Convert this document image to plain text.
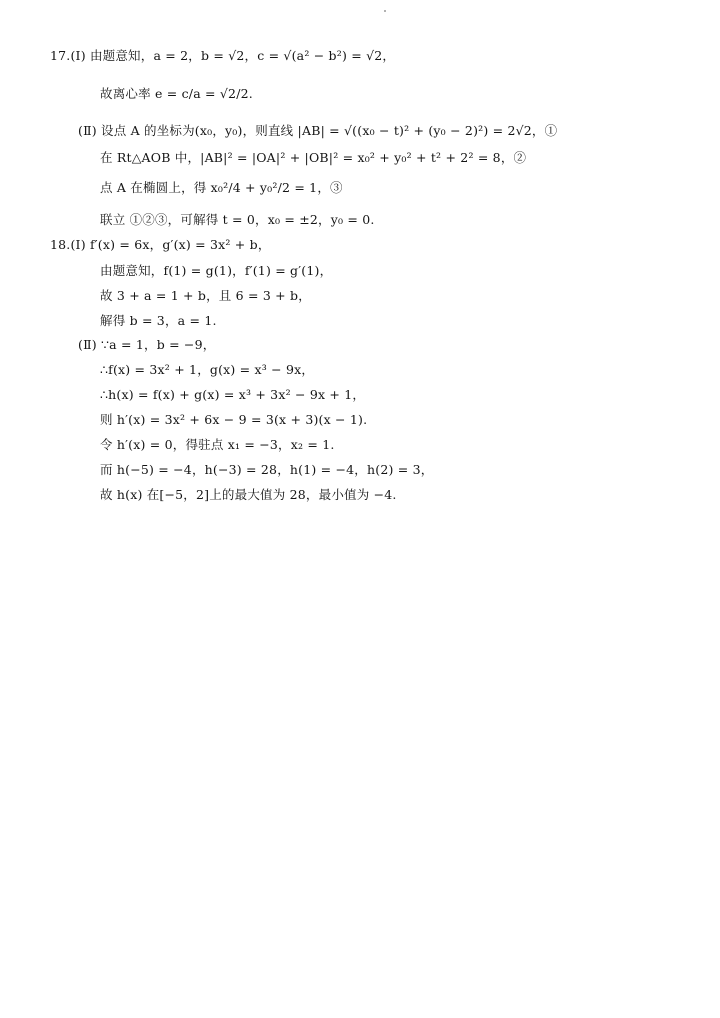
17.(Ⅰ) 由题意知，a = 2，b = √2，c = √(a² − b²) = √2，
故离心率 e = c/a = √2/2.
(Ⅱ) 设点 A 的坐标为(x₀，y₀)，则直线 |AB| = √((x₀ − t)² + (y₀ − 2)²) = 2√2，①
在 Rt△AOB 中，|AB|² = |OA|² + |OB|² = x₀² + y₀² + t² + 2² = 8，②
点 A 在椭圆上，得 x₀²/4 + y₀²/2 = 1，③
联立 ①②③，可解得 t = 0，x₀ = ±2，y₀ = 0.
18.(Ⅰ) f′(x) = 6x，g′(x) = 3x² + b，
由题意知，f(1) = g(1)，f′(1) = g′(1)，
故 3 + a = 1 + b，且 6 = 3 + b，
解得 b = 3，a = 1.
(Ⅱ) ∵a = 1，b = −9，
∴f(x) = 3x² + 1，g(x) = x³ − 9x，
∴h(x) = f(x) + g(x) = x³ + 3x² − 9x + 1，
则 h′(x) = 3x² + 6x − 9 = 3(x + 3)(x − 1).
令 h′(x) = 0，得驻点 x₁ = −3，x₂ = 1.
而 h(−5) = −4，h(−3) = 28，h(1) = −4，h(2) = 3，
故 h(x) 在[−5，2]上的最大值为 28，最小值为 −4.
